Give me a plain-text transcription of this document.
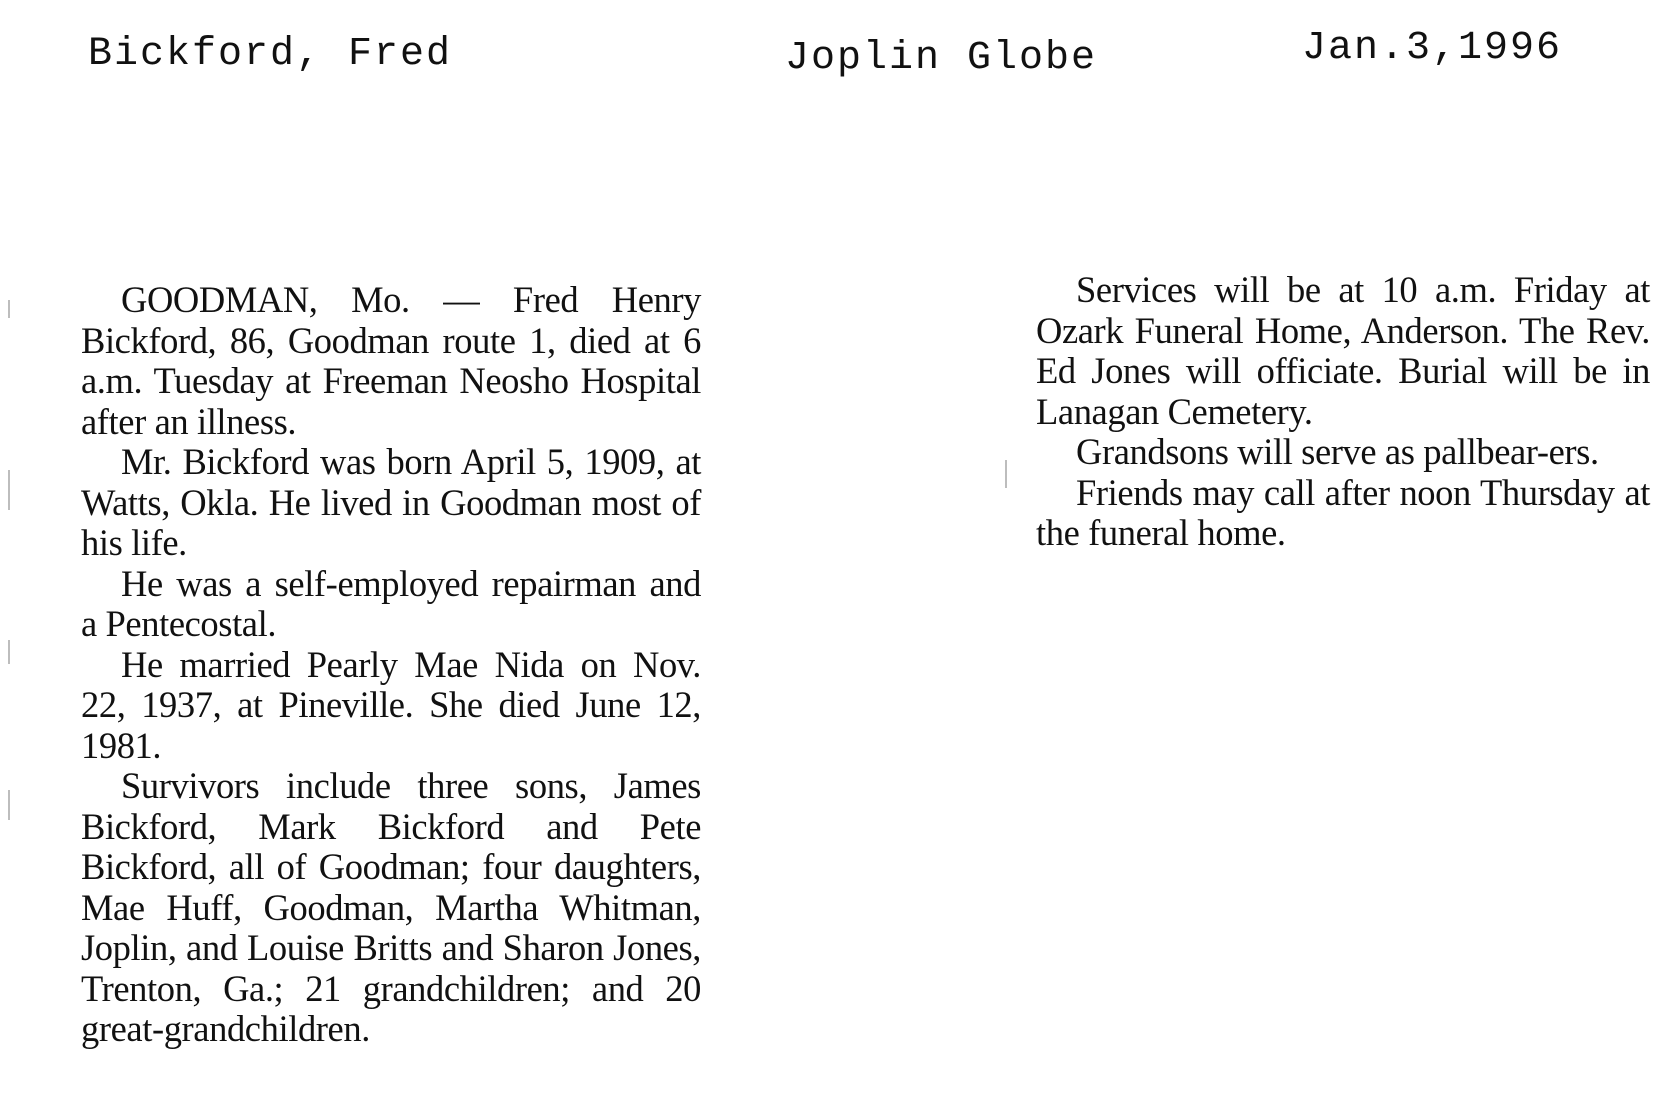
Bickford, Fred	Joplin Globe	Jan.3,1996

GOODMAN, Mo. — Fred Henry Bickford, 86, Goodman route 1, died at 6 a.m. Tuesday at Freeman Neosho Hospital after an illness.

Mr. Bickford was born April 5, 1909, at Watts, Okla. He lived in Goodman most of his life.

He was a self-employed repairman and a Pentecostal.

He married Pearly Mae Nida on Nov. 22, 1937, at Pineville. She died June 12, 1981.

Survivors include three sons, James Bickford, Mark Bickford and Pete Bickford, all of Goodman; four daughters, Mae Huff, Goodman, Martha Whitman, Joplin, and Louise Britts and Sharon Jones, Trenton, Ga.; 21 grandchildren; and 20 great-grandchildren.

Services will be at 10 a.m. Friday at Ozark Funeral Home, Anderson. The Rev. Ed Jones will officiate. Burial will be in Lanagan Cemetery.

Grandsons will serve as pallbear-ers.

Friends may call after noon Thursday at the funeral home.
